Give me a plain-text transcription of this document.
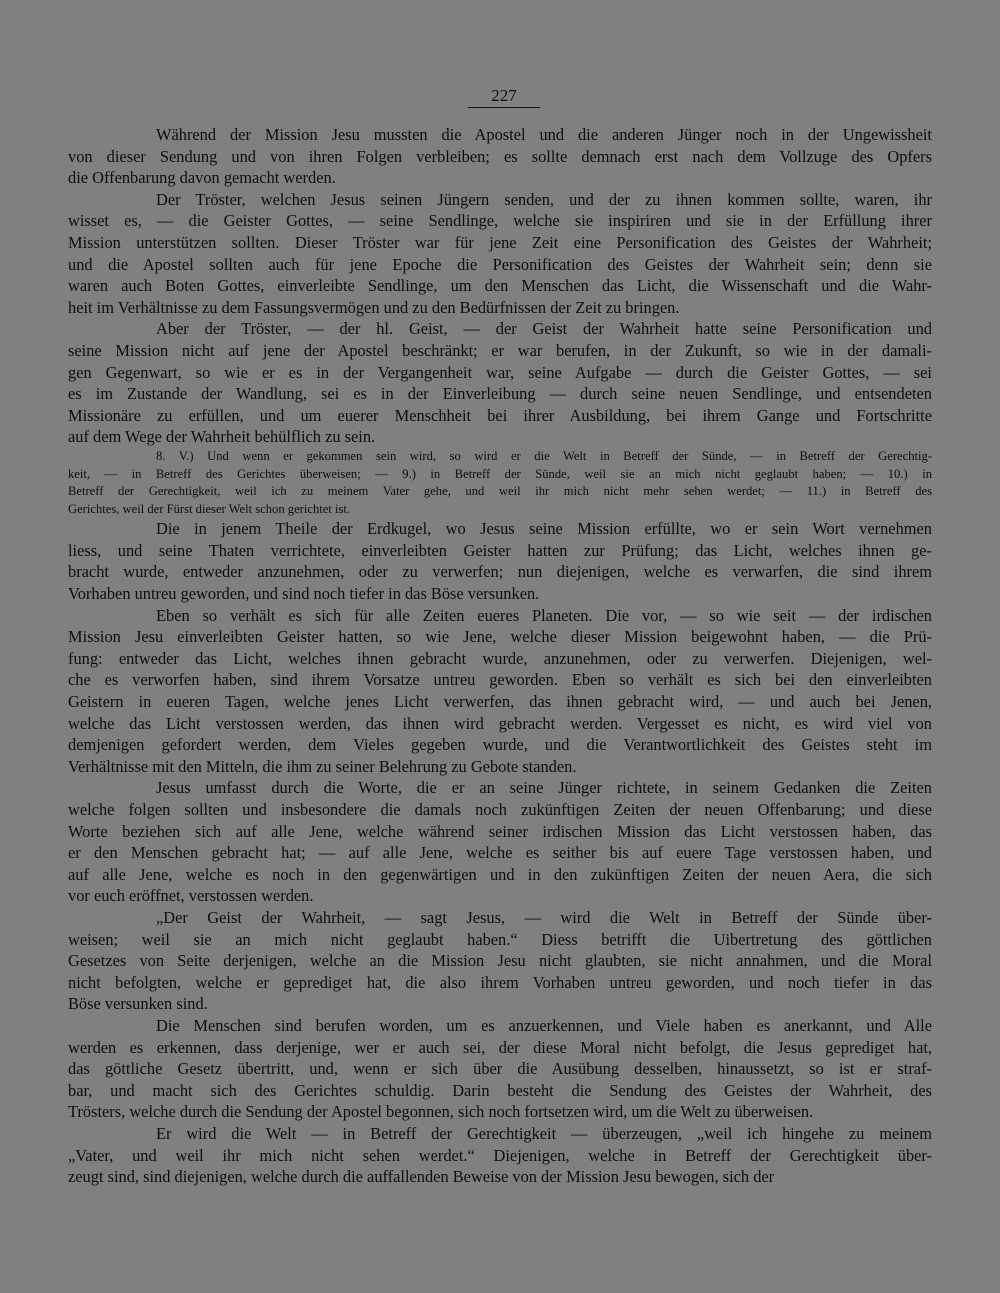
227
Während der Mission Jesu mussten die Apostel und die anderen Jünger noch in der Ungewissheit
von dieser Sendung und von ihren Folgen verbleiben; es sollte demnach erst nach dem Vollzuge des Opfers
die Offenbarung davon gemacht werden.
Der Tröster, welchen Jesus seinen Jüngern senden, und der zu ihnen kommen sollte, waren, ihr
wisset es, — die Geister Gottes, — seine Sendlinge, welche sie inspiriren und sie in der Erfüllung ihrer
Mission unterstützen sollten. Dieser Tröster war für jene Zeit eine Personification des Geistes der Wahrheit;
und die Apostel sollten auch für jene Epoche die Personification des Geistes der Wahrheit sein; denn sie
waren auch Boten Gottes, einverleibte Sendlinge, um den Menschen das Licht, die Wissenschaft und die Wahr-
heit im Verhältnisse zu dem Fassungsvermögen und zu den Bedürfnissen der Zeit zu bringen.
Aber der Tröster, — der hl. Geist, — der Geist der Wahrheit hatte seine Personification und
seine Mission nicht auf jene der Apostel beschränkt; er war berufen, in der Zukunft, so wie in der damali-
gen Gegenwart, so wie er es in der Vergangenheit war, seine Aufgabe — durch die Geister Gottes, — sei
es im Zustande der Wandlung, sei es in der Einverleibung — durch seine neuen Sendlinge, und entsendeten
Missionäre zu erfüllen, und um euerer Menschheit bei ihrer Ausbildung, bei ihrem Gange und Fortschritte
auf dem Wege der Wahrheit behülflich zu sein.
8. V.) Und wenn er gekommen sein wird, so wird er die Welt in Betreff der Sünde, — in Betreff der Gerechtig-
keit, — in Betreff des Gerichtes überweisen; — 9.) in Betreff der Sünde, weil sie an mich nicht geglaubt haben; — 10.) in
Betreff der Gerechtigkeit, weil ich zu meinem Vater gehe, und weil ihr mich nicht mehr sehen werdet; — 11.) in Betreff des
Gerichtes, weil der Fürst dieser Welt schon gerichtet ist.
Die in jenem Theile der Erdkugel, wo Jesus seine Mission erfüllte, wo er sein Wort vernehmen
liess, und seine Thaten verrichtete, einverleibten Geister hatten zur Prüfung; das Licht, welches ihnen ge-
bracht wurde, entweder anzunehmen, oder zu verwerfen; nun diejenigen, welche es verwarfen, die sind ihrem
Vorhaben untreu geworden, und sind noch tiefer in das Böse versunken.
Eben so verhält es sich für alle Zeiten eueres Planeten. Die vor, — so wie seit — der irdischen
Mission Jesu einverleibten Geister hatten, so wie Jene, welche dieser Mission beigewohnt haben, — die Prü-
fung: entweder das Licht, welches ihnen gebracht wurde, anzunehmen, oder zu verwerfen. Diejenigen, wel-
che es verworfen haben, sind ihrem Vorsatze untreu geworden. Eben so verhält es sich bei den einverleibten
Geistern in eueren Tagen, welche jenes Licht verwerfen, das ihnen gebracht wird, — und auch bei Jenen,
welche das Licht verstossen werden, das ihnen wird gebracht werden. Vergesset es nicht, es wird viel von
demjenigen gefordert werden, dem Vieles gegeben wurde, und die Verantwortlichkeit des Geistes steht im
Verhältnisse mit den Mitteln, die ihm zu seiner Belehrung zu Gebote standen.
Jesus umfasst durch die Worte, die er an seine Jünger richtete, in seinem Gedanken die Zeiten
welche folgen sollten und insbesondere die damals noch zukünftigen Zeiten der neuen Offenbarung; und diese
Worte beziehen sich auf alle Jene, welche während seiner irdischen Mission das Licht verstossen haben, das
er den Menschen gebracht hat; — auf alle Jene, welche es seither bis auf euere Tage verstossen haben, und
auf alle Jene, welche es noch in den gegenwärtigen und in den zukünftigen Zeiten der neuen Aera, die sich
vor euch eröffnet, verstossen werden.
„Der Geist der Wahrheit, — sagt Jesus, — wird die Welt in Betreff der Sünde über-
weisen; weil sie an mich nicht geglaubt haben.“ Diess betrifft die Uibertretung des göttlichen
Gesetzes von Seite derjenigen, welche an die Mission Jesu nicht glaubten, sie nicht annahmen, und die Moral
nicht befolgten, welche er geprediget hat, die also ihrem Vorhaben untreu geworden, und noch tiefer in das
Böse versunken sind.
Die Menschen sind berufen worden, um es anzuerkennen, und Viele haben es anerkannt, und Alle
werden es erkennen, dass derjenige, wer er auch sei, der diese Moral nicht befolgt, die Jesus geprediget hat,
das göttliche Gesetz übertritt, und, wenn er sich über die Ausübung desselben, hinaussetzt, so ist er straf-
bar, und macht sich des Gerichtes schuldig. Darin besteht die Sendung des Geistes der Wahrheit, des
Trösters, welche durch die Sendung der Apostel begonnen, sich noch fortsetzen wird, um die Welt zu überweisen.
Er wird die Welt — in Betreff der Gerechtigkeit — überzeugen, „weil ich hingehe zu meinem
„Vater, und weil ihr mich nicht sehen werdet.“ Diejenigen, welche in Betreff der Gerechtigkeit über-
zeugt sind, sind diejenigen, welche durch die auffallenden Beweise von der Mission Jesu bewogen, sich der
